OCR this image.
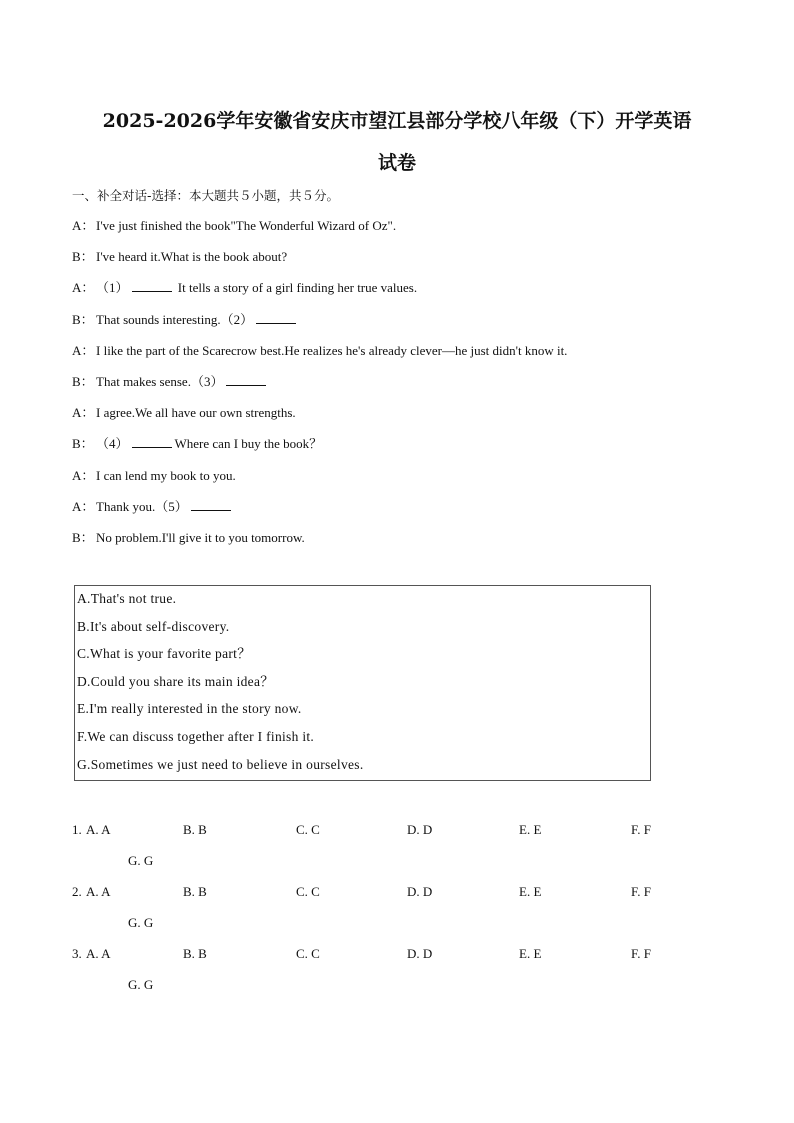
2025-2026学年安徽省安庆市望江县部分学校八年级（下）开学英语
试卷
一、补全对话-选择：本大题共５小题，共５分。
A： I've just finished the book"The Wonderful Wizard of Oz".
B： I've heard it.What is the book about?
A： （1）	It tells a story of a girl finding her true values.
B： That sounds interesting.（2）
A： I like the part of the Scarecrow best.He realizes he's already clever—he just didn't know it.
B： That makes sense.（3）
A： I agree.We all have our own strengths.
B： （4）	Where can I buy the book？
A： I can lend my book to you.
A： Thank you.（5）
B： No problem.I'll give it to you tomorrow.
A.That's not true.
B.It's about self-discovery.
C.What is your favorite part？
D.Could you share its main idea？
E.I'm really interested in the story now.
F.We can discuss together after I finish it.
G.Sometimes we just need to believe in ourselves.
1. A. A	B. B	C. C	D. D	E. E	F. F
G. G
2. A. A	B. B	C. C	D. D	E. E	F. F
G. G
3. A. A	B. B	C. C	D. D	E. E	F. F
G. G
